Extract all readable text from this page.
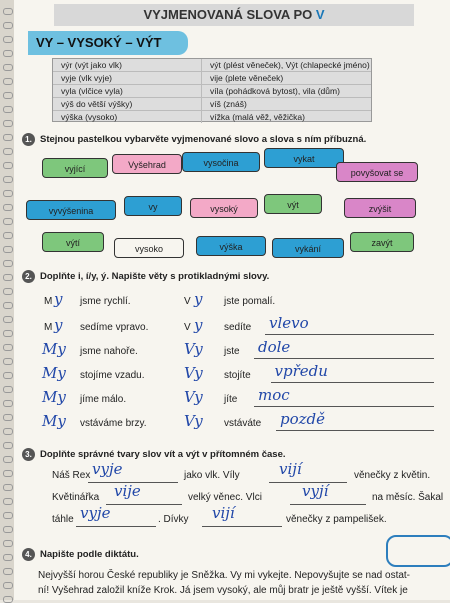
VYJMENOVANÁ SLOVA PO V
VY – VYSOKÝ – VÝT
výr (výt jako vlk)	výt (plést věneček), Výt (chlapecké jméno)
vyje (vlk vyje)	vije (plete věneček)
vyla (vlčice vyla)	víla (pohádková bytost), vila (dům)
výš do větší výšky)	víš (znáš)
výška (vysoko)	vížka (malá věž, věžička)
1. Stejnou pastelkou vybarvěte vyjmenované slovo a slova s ním příbuzná.
vyjící	Vyšehrad	vysočina	vykat
povyšovat se
vyvýšenina	vy	vysoký	výt	zvýšit
výtí
vysoko	výška	vykání
zavýt
2. Doplňte i, í/y, ý. Napište věty s protikladnými slovy.
M y jsme rychlí.	V y jste pomalí.
M y sedíme vpravo.	V y sedíte vlevo
My jsme nahoře.	Vy jste dole
My stojíme vzadu.	Vy stojíte vpředu
My jíme málo.	Vy jíte moc
My vstáváme brzy.	Vy vstáváte pozdě
3. Doplňte správné tvary slov vít a výt v přítomném čase.
Náš Rex vyje	jako vlk. Víly	vijí	věnečky z květin.
Květinářka vije	velký věnec. Vlci	vyjí	na měsíc. Šakal
táhle vyje	. Dívky vijí	věnečky z pampelišek.
4. Napište podle diktátu.
Nejvyšší horou České republiky je Sněžka. Vy mi vykejte. Nepovyšujte se nad ostat-
ní! Vyšehrad založil kníže Krok. Já jsem vysoký, ale můj bratr je ještě vyšší. Vítek je
